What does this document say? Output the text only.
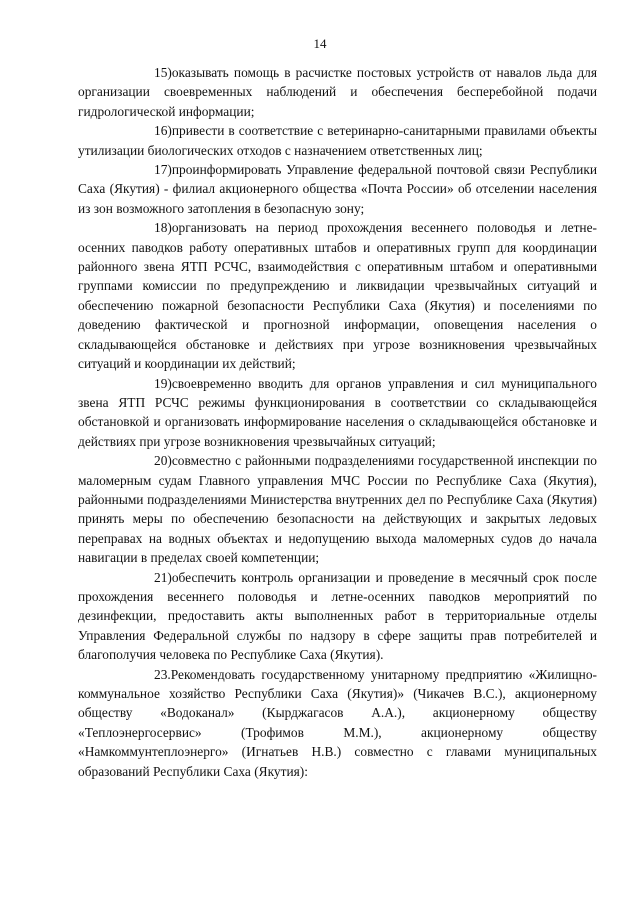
14

15)оказывать помощь в расчистке постовых устройств от навалов льда для организации своевременных наблюдений и обеспечения бесперебойной подачи гидрологической информации;

16)привести в соответствие с ветеринарно-санитарными правилами объекты утилизации биологических отходов с назначением ответственных лиц;

17)проинформировать Управление федеральной почтовой связи Республики Саха (Якутия) - филиал акционерного общества «Почта России» об отселении населения из зон возможного затопления в безопасную зону;

18)организовать на период прохождения весеннего половодья и летне-осенних паводков работу оперативных штабов и оперативных групп для координации районного звена ЯТП РСЧС, взаимодействия с оперативным штабом и оперативными группами комиссии по предупреждению и ликвидации чрезвычайных ситуаций и обеспечению пожарной безопасности Республики Саха (Якутия) и поселениями по доведению фактической и прогнозной информации, оповещения населения о складывающейся обстановке и действиях при угрозе возникновения чрезвычайных ситуаций и координации их действий;

19)своевременно вводить для органов управления и сил муниципального звена ЯТП РСЧС режимы функционирования в соответствии со складывающейся обстановкой и организовать информирование населения о складывающейся обстановке и действиях при угрозе возникновения чрезвычайных ситуаций;

20)совместно с районными подразделениями государственной инспекции по маломерным судам Главного управления МЧС России по Республике Саха (Якутия), районными подразделениями Министерства внутренних дел по Республике Саха (Якутия) принять меры по обеспечению безопасности на действующих и закрытых ледовых переправах на водных объектах и недопущению выхода маломерных судов до начала навигации в пределах своей компетенции;

21)обеспечить контроль организации и проведение в месячный срок после прохождения весеннего половодья и летне-осенних паводков мероприятий по дезинфекции, предоставить акты выполненных работ в территориальные отделы Управления Федеральной службы по надзору в сфере защиты прав потребителей и благополучия человека по Республике Саха (Якутия).

23.Рекомендовать государственному унитарному предприятию «Жилищно-коммунальное хозяйство Республики Саха (Якутия)» (Чикачев В.С.), акционерному обществу «Водоканал» (Кырджагасов А.А.), акционерному обществу «Теплоэнергосервис» (Трофимов М.М.), акционерному обществу «Намкоммунтеплоэнерго» (Игнатьев Н.В.) совместно с главами муниципальных образований Республики Саха (Якутия):
